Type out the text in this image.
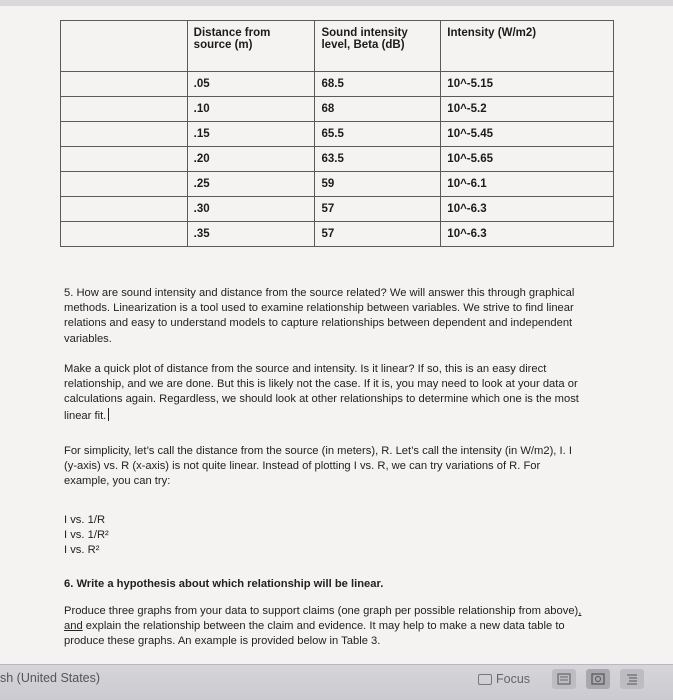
	Distance from source (m)	Sound intensity level, Beta (dB)	Intensity (W/m2)
	.05	68.5	10^-5.15
	.10	68	10^-5.2
	.15	65.5	10^-5.45
	.20	63.5	10^-5.65
	.25	59	10^-6.1
	.30	57	10^-6.3
	.35	57	10^-6.3

5. How are sound intensity and distance from the source related? We will answer this through graphical methods. Linearization is a tool used to examine relationship between variables. We strive to find linear relations and easy to understand models to capture relationships between dependent and independent variables.

Make a quick plot of distance from the source and intensity. Is it linear? If so, this is an easy direct relationship, and we are done. But this is likely not the case. If it is, you may need to look at your data or calculations again. Regardless, we should look at other relationships to determine which one is the most linear fit.

For simplicity, let’s call the distance from the source (in meters), R. Let’s call the intensity (in W/m2), I. I (y-axis) vs. R (x-axis) is not quite linear. Instead of plotting I vs. R, we can try variations of R. For example, you can try:

I vs. 1/R

I vs. 1/R²

I vs. R²

6. Write a hypothesis about which relationship will be linear.

Produce three graphs from your data to support claims (one graph per possible relationship from above), and explain the relationship between the claim and evidence. It may help to make a new data table to produce these graphs. An example is provided below in Table 3.

sh (United States)	Focus
